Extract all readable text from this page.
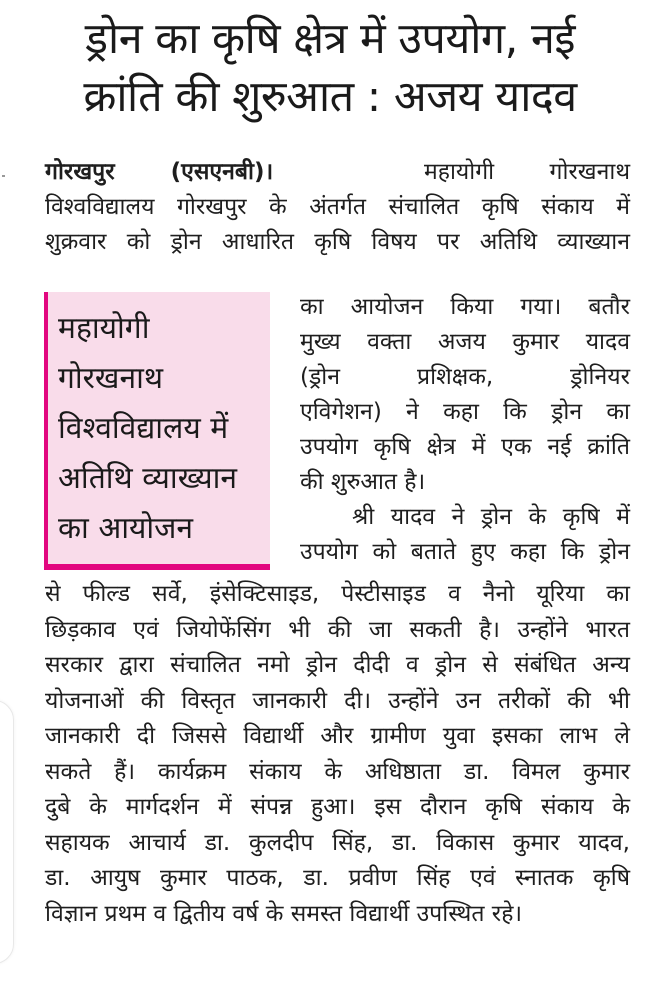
ड्रोन का कृषि क्षेत्र में उपयोग, नई
क्रांति की शुरुआत : अजय यादव
गोरखपुर (एसएनबी)।	महायोगी गोरखनाथ
विश्वविद्यालय गोरखपुर के अंतर्गत संचालित कृषि संकाय में
शुक्रवार को ड्रोन आधारित कृषि विषय पर अतिथि व्याख्यान
महायोगी
गोरखनाथ
विश्वविद्यालय में
अतिथि व्याख्यान
का आयोजन
का आयोजन किया गया। बतौर
मुख्य वक्ता अजय कुमार यादव
(ड्रोन प्रशिक्षक, ड्रोनियर
एविगेशन) ने कहा कि ड्रोन का
उपयोग कृषि क्षेत्र में एक नई क्रांति
की शुरुआत है।
श्री यादव ने ड्रोन के कृषि में
उपयोग को बताते हुए कहा कि ड्रोन
से फील्ड सर्वे, इंसेक्टिसाइड, पेस्टीसाइड व नैनो यूरिया का
छिड़काव एवं जियोफेंसिंग भी की जा सकती है। उन्होंने भारत
सरकार द्वारा संचालित नमो ड्रोन दीदी व ड्रोन से संबंधित अन्य
योजनाओं की विस्तृत जानकारी दी। उन्होंने उन तरीकों की भी
जानकारी दी जिससे विद्यार्थी और ग्रामीण युवा इसका लाभ ले
सकते हैं। कार्यक्रम संकाय के अधिष्ठाता डा. विमल कुमार
दुबे के मार्गदर्शन में संपन्न हुआ। इस दौरान कृषि संकाय के
सहायक आचार्य डा. कुलदीप सिंह, डा. विकास कुमार यादव,
डा. आयुष कुमार पाठक, डा. प्रवीण सिंह एवं स्नातक कृषि
विज्ञान प्रथम व द्वितीय वर्ष के समस्त विद्यार्थी उपस्थित रहे।
